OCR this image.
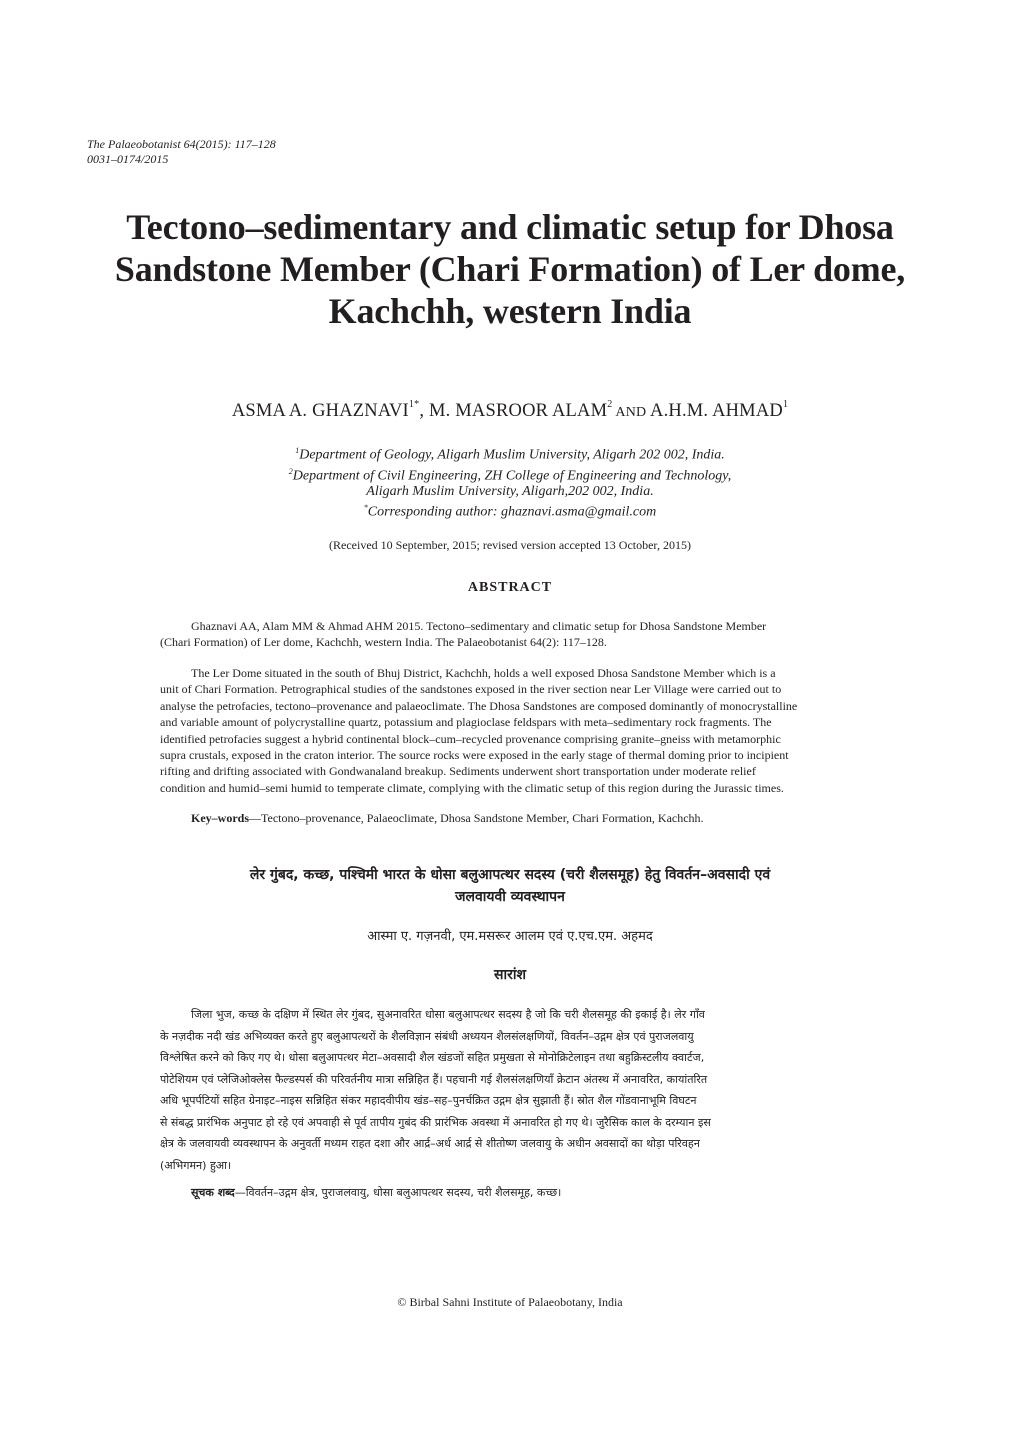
The Palaeobotanist 64(2015): 117–128
0031–0174/2015
Tectono–sedimentary and climatic setup for Dhosa
Sandstone Member (Chari Formation) of Ler dome,
Kachchh, western India
ASMA A. $GHAZNAVI^{1*}$, M. MASROOR ALAM$^2$ AND A.H.M. AHMAD$^1$
$^1$Department of Geology, Aligarh Muslim University, Aligarh 202 002, India.
$^2$Department of Civil Engineering, ZH College of Engineering and Technology,
Aligarh Muslim University, Aligarh,202 002, India.
*Corresponding author: ghaznavi.asma@gmail.com
(Received 10 September, 2015; revised version accepted 13 October, 2015)
ABSTRACT
Ghaznavi AA, Alam MM & Ahmad AHM 2015. Tectono–sedimentary and climatic setup for Dhosa Sandstone Member
(Chari Formation) of Ler dome, Kachchh, western India. The Palaeobotanist 64(2): 117–128.
The Ler Dome situated in the south of Bhuj District, Kachchh, holds a well exposed Dhosa Sandstone Member which is a
unit of Chari Formation. Petrographical studies of the sandstones exposed in the river section near Ler Village were carried out to
analyse the petrofacies, tectono–provenance and palaeoclimate. The Dhosa Sandstones are composed dominantly of monocrystalline
and variable amount of polycrystalline quartz, potassium and plagioclase feldspars with meta–sedimentary rock fragments. The
identified petrofacies suggest a hybrid continental block–cum–recycled provenance comprising granite–gneiss with metamorphic
supra crustals, exposed in the craton interior. The source rocks were exposed in the early stage of thermal doming prior to incipient
rifting and drifting associated with Gondwanaland breakup. Sediments underwent short transportation under moderate relief
condition and humid–semi humid to temperate climate, complying with the climatic setup of this region during the Jurassic times.
Key–words—Tectono–provenance, Palaeoclimate, Dhosa Sandstone Member, Chari Formation, Kachchh.
लेर गुंबद, कच्छ, पश्चिमी भारत के धोसा बलुआपत्थर सदस्य (चरी शैलसमूह) हेतु विवर्तन–अवसादी एवं
जलवायवी व्यवस्थापन
आस्मा ए. गज़नवी, एम.मसरूर आलम एवं ए.एच.एम. अहमद
सारांश
जिला भुज, कच्छ के दक्षिण में स्थित लेर गुंबद, सुअनावरित धोसा बलुआपत्थर सदस्य है जो कि चरी शैलसमूह की इकाई है। लेर गाँव
के नज़दीक नदी खंड अभिव्यक्त करते हुए बलुआपत्थरों के शैलविज्ञान संबंधी अध्ययन शैलसंलक्षणियों, विवर्तन–उद्गम क्षेत्र एवं पुराजलवायु
विश्लेषित करने को किए गए थे। धोसा बलुआपत्थर मेटा–अवसादी शैल खंडजों सहित प्रमुखता से मोनोक्रिटेलाइन तथा बहुक्रिस्टलीय क्वार्टज,
पोटेशियम एवं प्लेजिओक्लेस फैल्डस्पर्स की परिवर्तनीय मात्रा सन्निहित हैं। पहचानी गई शैलसंलक्षणियाँ क्रेटान अंतस्थ में अनावरित, कायांतरित
अधि भूपर्पटियों सहित ग्रेनाइट–नाइस सन्निहित संकर महादवीपीय खंड–सह–पुनर्चक्रित उद्गम क्षेत्र सुझाती हैं। स्रोत शैल गोंडवानाभूमि विघटन
से संबद्ध प्रारंभिक अनुपाट हो रहे एवं अपवाही से पूर्व तापीय गुबंद की प्रारंभिक अवस्था में अनावरित हो गए थे। जुरैसिक काल के दरम्यान इस
क्षेत्र के जलवायवी व्यवस्थापन के अनुवर्ती मध्यम राहत दशा और आर्द्र–अर्ध आर्द्र से शीतोष्ण जलवायु के अधीन अवसादों का थोड़ा परिवहन
(अभिगमन) हुआ।
सूचक शब्द—विवर्तन–उद्गम क्षेत्र, पुराजलवायु, धोसा बलुआपत्थर सदस्य, चरी शैलसमूह, कच्छ।
© Birbal Sahni Institute of Palaeobotany, India
